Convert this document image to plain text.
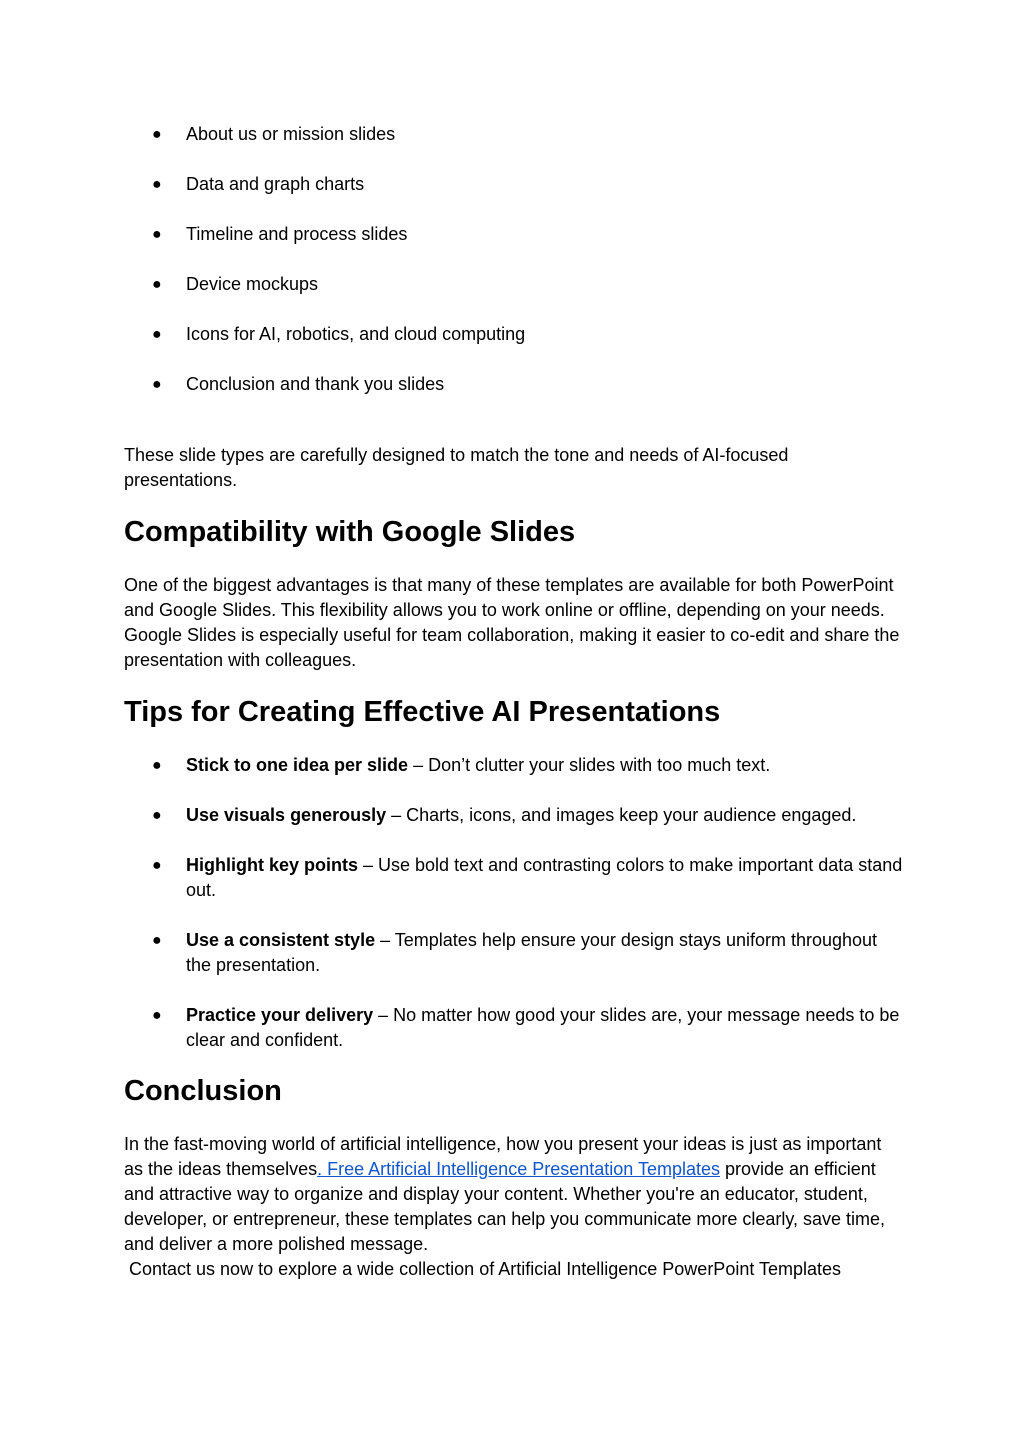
● About us or mission slides
● Data and graph charts
● Timeline and process slides
● Device mockups
● Icons for AI, robotics, and cloud computing
● Conclusion and thank you slides

These slide types are carefully designed to match the tone and needs of AI-focused presentations.

Compatibility with Google Slides

One of the biggest advantages is that many of these templates are available for both PowerPoint and Google Slides. This flexibility allows you to work online or offline, depending on your needs. Google Slides is especially useful for team collaboration, making it easier to co-edit and share the presentation with colleagues.

Tips for Creating Effective AI Presentations
● Stick to one idea per slide – Don’t clutter your slides with too much text.
● Use visuals generously – Charts, icons, and images keep your audience engaged.
● Highlight key points – Use bold text and contrasting colors to make important data stand out.
● Use a consistent style – Templates help ensure your design stays uniform throughout the presentation.
● Practice your delivery – No matter how good your slides are, your message needs to be clear and confident.
Conclusion

In the fast-moving world of artificial intelligence, how you present your ideas is just as important as the ideas themselves. Free Artificial Intelligence Presentation Templates provide an efficient and attractive way to organize and display your content. Whether you're an educator, student, developer, or entrepreneur, these templates can help you communicate more clearly, save time, and deliver a more polished message.

Contact us now to explore a wide collection of Artificial Intelligence PowerPoint Templates
